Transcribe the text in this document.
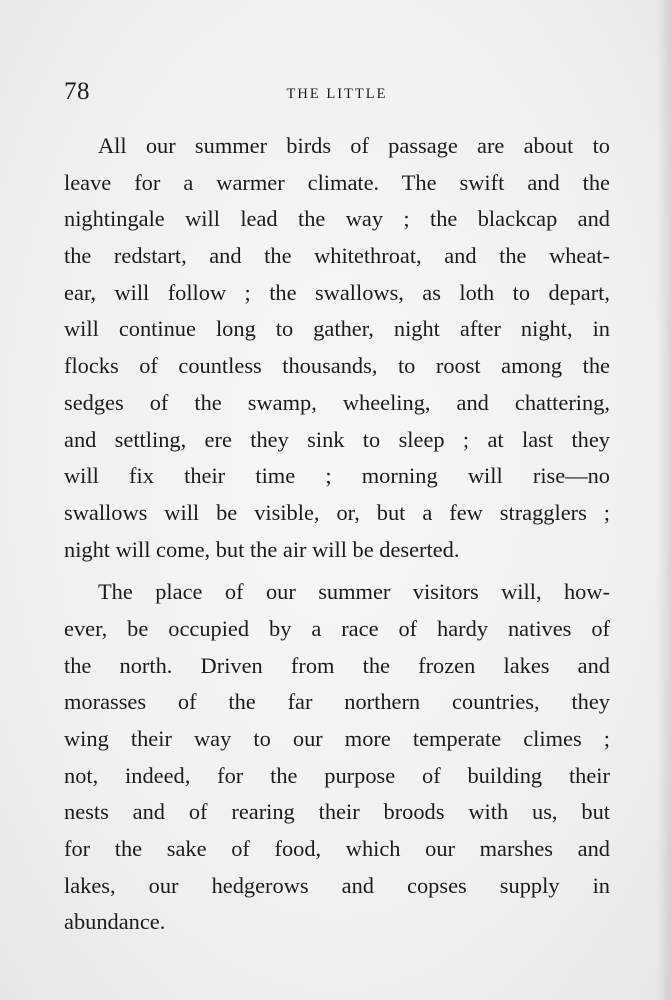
78	THE LITTLE
All our summer birds of passage are about to
leave for a warmer climate. The swift and the
nightingale will lead the way ; the blackcap and
the redstart, and the whitethroat, and the wheat-
ear, will follow ; the swallows, as loth to depart,
will continue long to gather, night after night, in
flocks of countless thousands, to roost among the
sedges of the swamp, wheeling, and chattering,
and settling, ere they sink to sleep ; at last they
will fix their time ; morning will rise—no
swallows will be visible, or, but a few stragglers ;
night will come, but the air will be deserted.
The place of our summer visitors will, how-
ever, be occupied by a race of hardy natives of
the north. Driven from the frozen lakes and
morasses of the far northern countries, they
wing their way to our more temperate climes ;
not, indeed, for the purpose of building their
nests and of rearing their broods with us, but
for the sake of food, which our marshes and
lakes, our hedgerows and copses supply in
abundance.
